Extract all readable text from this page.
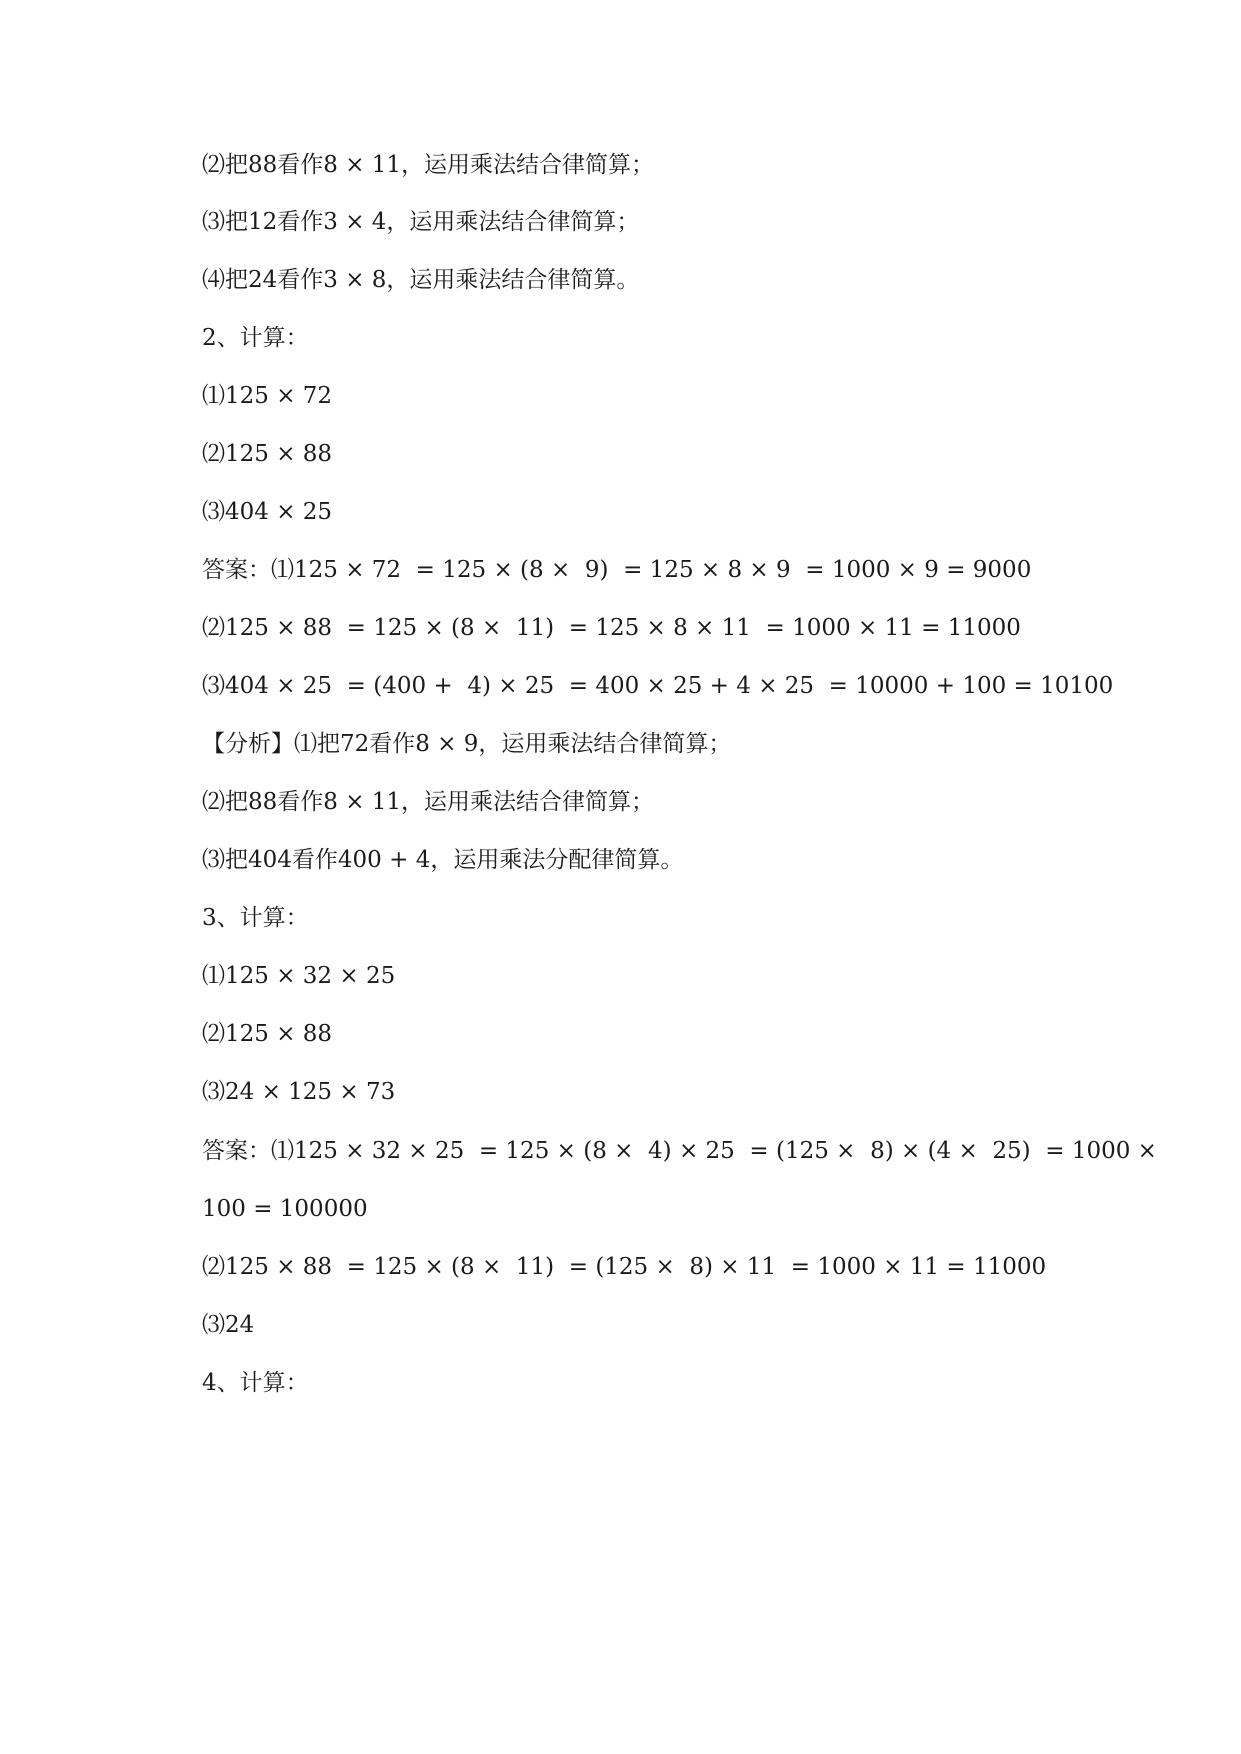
⑵把88看作8 × 11，运用乘法结合律简算；
⑶把12看作3 × 4，运用乘法结合律简算；
⑷把24看作3 × 8，运用乘法结合律简算。
2、计算：
⑴125 × 72
⑵125 × 88
⑶404 × 25
答案：⑴125 × 72  = 125 × (8 ×  9)  = 125 × 8 × 9  = 1000 × 9 = 9000
⑵125 × 88  = 125 × (8 ×  11)  = 125 × 8 × 11  = 1000 × 11 = 11000
⑶404 × 25  = (400 +  4) × 25  = 400 × 25 + 4 × 25  = 10000 + 100 = 10100
【分析】⑴把72看作8 × 9，运用乘法结合律简算；
⑵把88看作8 × 11，运用乘法结合律简算；
⑶把404看作400 + 4，运用乘法分配律简算。
3、计算：
⑴125 × 32 × 25
⑵125 × 88
⑶24 × 125 × 73
答案：⑴125 × 32 × 25  = 125 × (8 ×  4) × 25  = (125 ×  8) × (4 ×  25)  = 1000 ×
100 = 100000
⑵125 × 88  = 125 × (8 ×  11)  = (125 ×  8) × 11  = 1000 × 11 = 11000
⑶24
4、计算：
